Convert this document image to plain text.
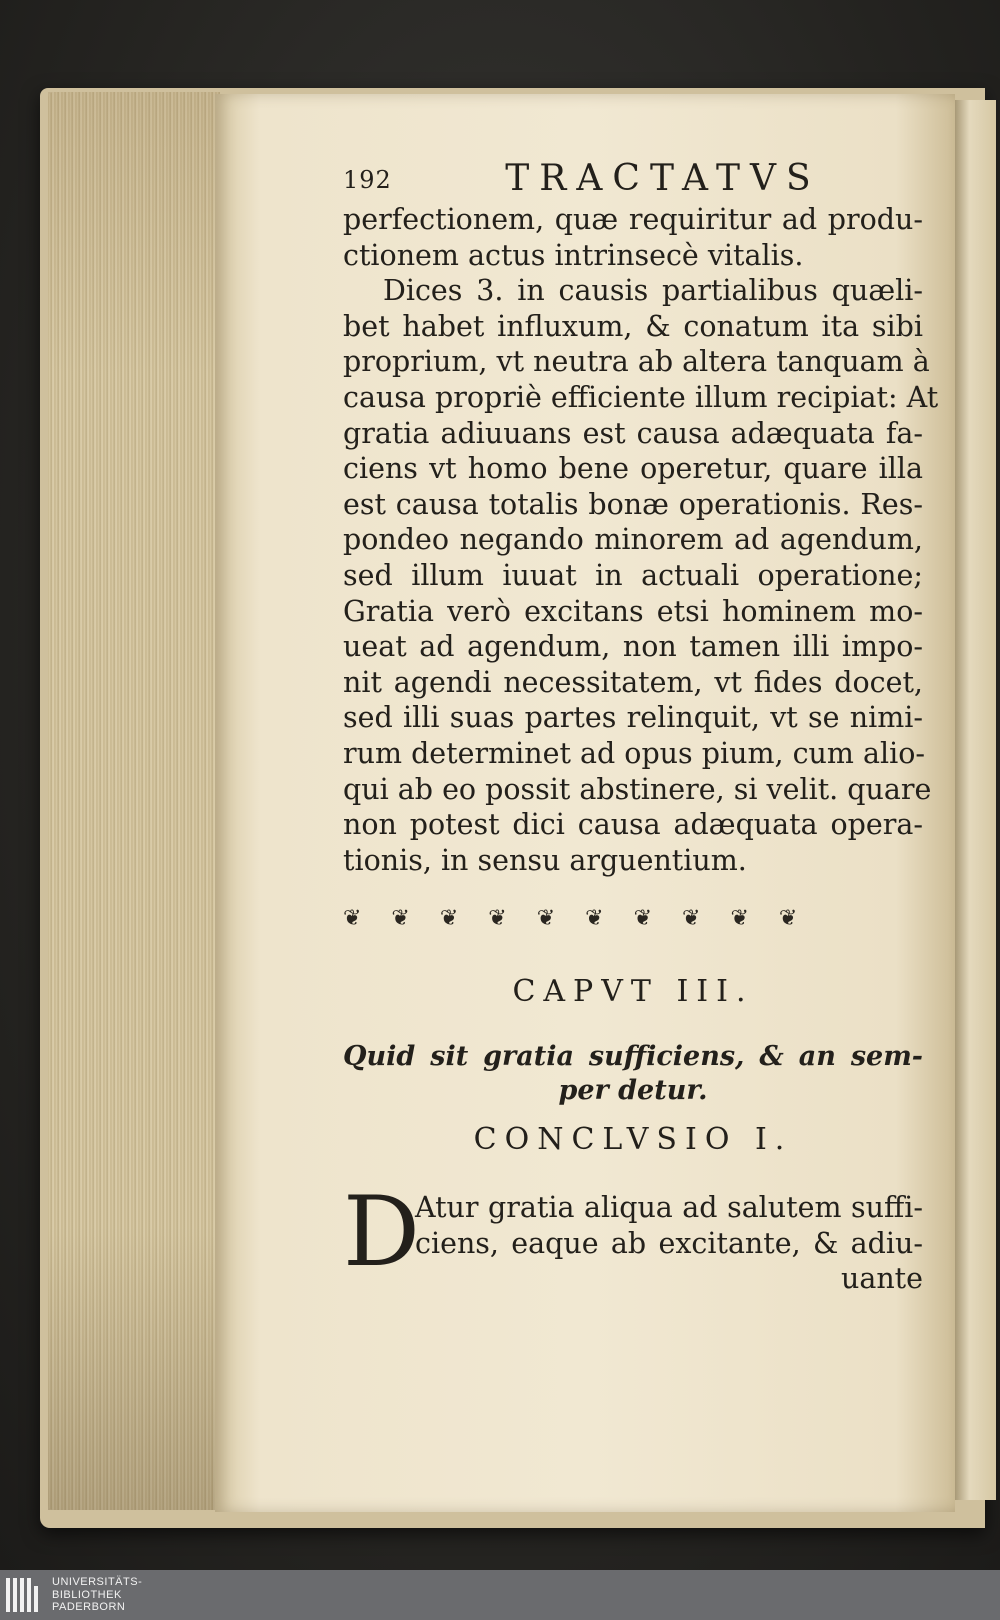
192	TRACTATVS
perfectionem, quæ requiritur ad produ-
ctionem actus intrinsecè vitalis.
Dices 3. in causis partialibus quæli-
bet habet influxum, & conatum ita sibi
proprium, vt neutra ab altera tanquam à
causa propriè efficiente illum recipiat: At
gratia adiuuans est causa adæquata fa-
ciens vt homo bene operetur, quare illa
est causa totalis bonæ operationis. Res-
pondeo negando minorem ad agendum,
sed illum iuuat in actuali operatione;
Gratia verò excitans etsi hominem mo-
ueat ad agendum, non tamen illi impo-
nit agendi necessitatem, vt fides docet,
sed illi suas partes relinquit, vt se nimi-
rum determinet ad opus pium, cum alio-
qui ab eo possit abstinere, si velit. quare
non potest dici causa adæquata opera-
tionis, in sensu arguentium.
❦❦❦❦❦❦❦❦❦❦
CAPVT III.
Quid sit gratia sufficiens, & an sem-
per detur.
CONCLVSIO I.
D
Atur gratia aliqua ad salutem suffi-
ciens, eaque ab excitante, & adiu-
uante
UNIVERSITÄTS-
BIBLIOTHEK
PADERBORN
